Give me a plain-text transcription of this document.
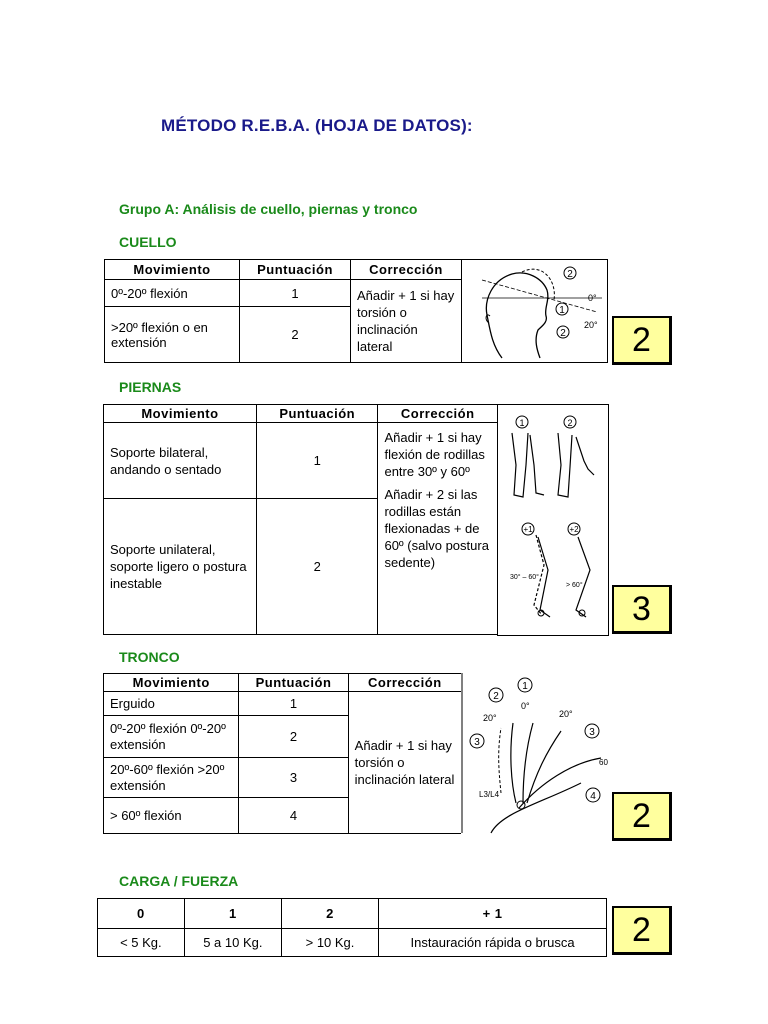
MÉTODO R.E.B.A. (HOJA DE DATOS):
Grupo A: Análisis de cuello, piernas y tronco
CUELLO
Movimiento	Puntuación	Corrección
0º-20º flexión	1	Añadir + 1 si hay torsión o inclinación lateral
>20º flexión o en extensión	2	
2
1
2
0°
20°	2
PIERNAS
Movimiento	Puntuación	Corrección
Soporte bilateral, andando o sentado	1	Añadir + 1 si hay flexión de rodillas entre 30º y 60º
Añadir + 2 si las rodillas están flexionadas + de 60º (salvo postura sedente)

Soporte unilateral, soporte ligero o postura inestable	2	
1	2
+1	+2
30° – 60°
> 60°
3
TRONCO
Movimiento	Puntuación	Corrección
Erguido	1	Añadir + 1 si hay torsión o inclinación lateral
0º-20º flexión 0º-20º extensión	2	
20º-60º flexión >20º extensión	3	
> 60º flexión	4	
2
1
0°
20°	20°
3
3
L3/L4
60
4
2
CARGA / FUERZA
0	1	2	+ 1
< 5 Kg.	5 a 10 Kg.	> 10 Kg.	Instauración rápida o brusca	2
